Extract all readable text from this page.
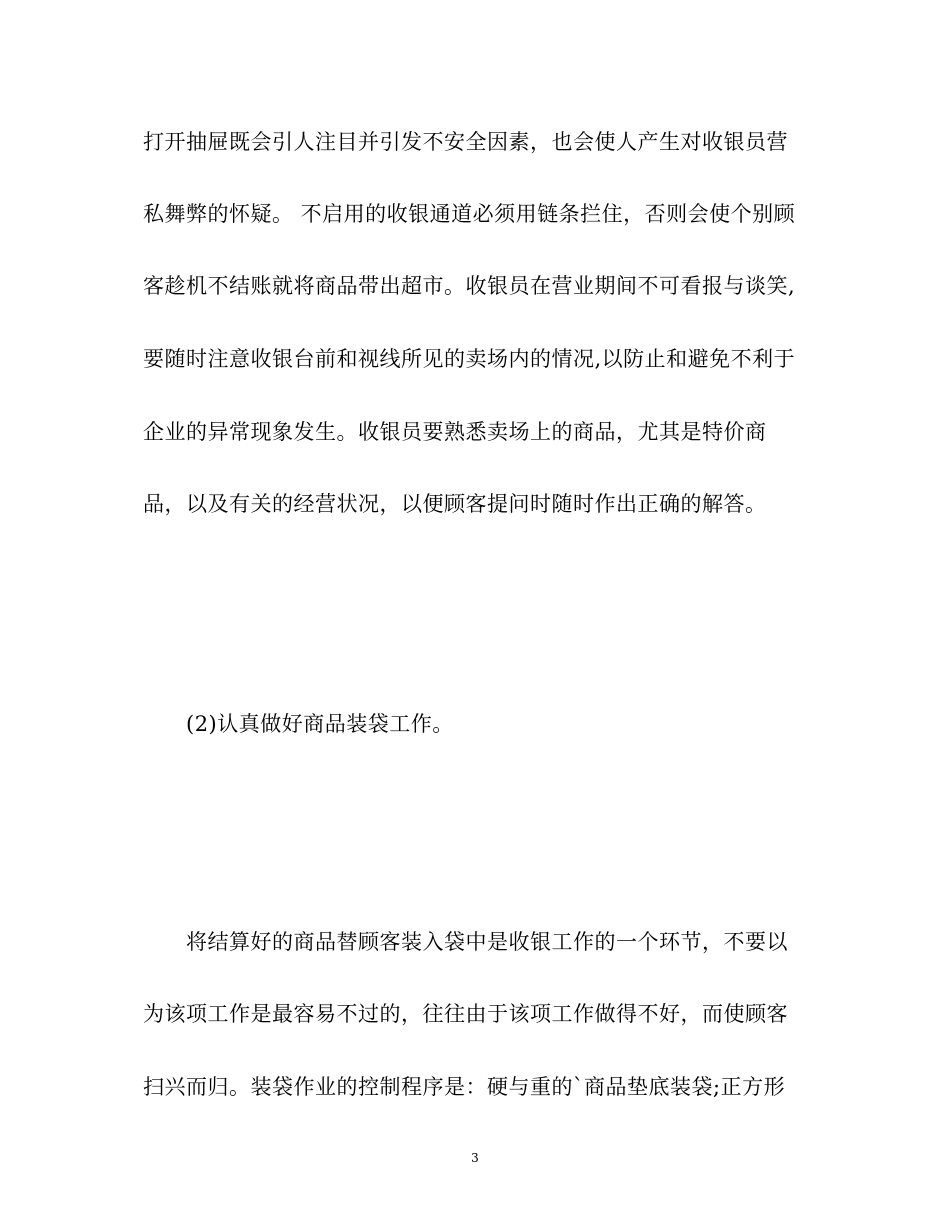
打开抽屉既会引人注目并引发不安全因素，也会使人产生对收银员营
私舞弊的怀疑。 不启用的收银通道必须用链条拦住，否则会使个别顾
客趁机不结账就将商品带出超市。收银员在营业期间不可看报与谈笑,
要随时注意收银台前和视线所见的卖场内的情况,以防止和避免不利于
企业的异常现象发生。收银员要熟悉卖场上的商品，尤其是特价商
品，以及有关的经营状况，以便顾客提问时随时作出正确的解答。
(2)认真做好商品装袋工作。
将结算好的商品替顾客装入袋中是收银工作的一个环节，不要以
为该项工作是最容易不过的，往往由于该项工作做得不好，而使顾客
扫兴而归。装袋作业的控制程序是：硬与重的`商品垫底装袋;正方形
3
